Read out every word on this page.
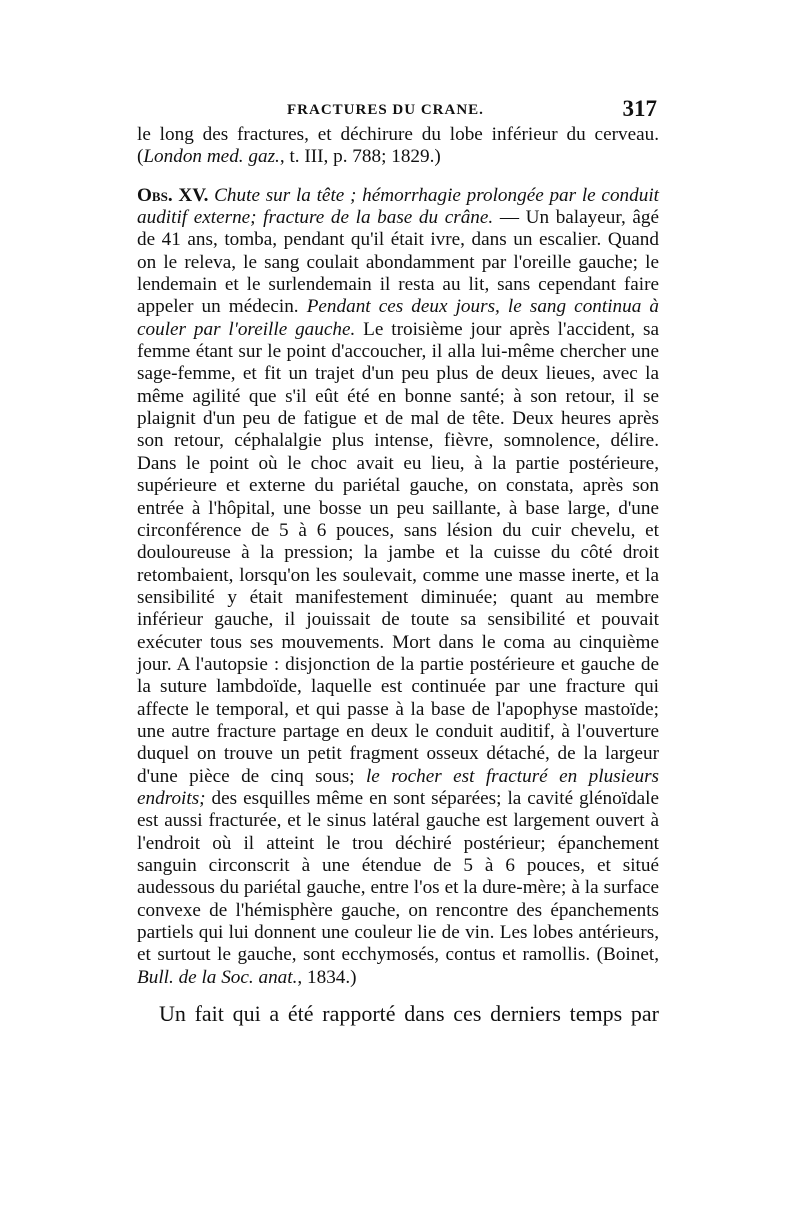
FRACTURES DU CRANE.	317

le long des fractures, et déchirure du lobe inférieur du cerveau. (London med. gaz., t. III, p. 788; 1829.)

Obs. XV. Chute sur la tête ; hémorrhagie prolongée par le conduit auditif externe; fracture de la base du crâne. — Un balayeur, âgé de 41 ans, tomba, pendant qu'il était ivre, dans un escalier. Quand on le releva, le sang coulait abondamment par l'oreille gauche; le lendemain et le surlendemain il resta au lit, sans cependant faire appeler un médecin. Pendant ces deux jours, le sang continua à couler par l'oreille gauche. Le troisième jour après l'accident, sa femme étant sur le point d'accoucher, il alla lui-même chercher une sage-femme, et fit un trajet d'un peu plus de deux lieues, avec la même agilité que s'il eût été en bonne santé; à son retour, il se plaignit d'un peu de fatigue et de mal de tête. Deux heures après son retour, céphalalgie plus intense, fièvre, somnolence, délire. Dans le point où le choc avait eu lieu, à la partie postérieure, supérieure et externe du pariétal gauche, on constata, après son entrée à l'hôpital, une bosse un peu saillante, à base large, d'une circonférence de 5 à 6 pouces, sans lésion du cuir chevelu, et douloureuse à la pression; la jambe et la cuisse du côté droit retombaient, lorsqu'on les soulevait, comme une masse inerte, et la sensibilité y était manifestement diminuée; quant au membre inférieur gauche, il jouissait de toute sa sensibilité et pouvait exécuter tous ses mouvements. Mort dans le coma au cinquième jour. A l'autopsie : disjonction de la partie postérieure et gauche de la suture lambdoïde, laquelle est continuée par une fracture qui affecte le temporal, et qui passe à la base de l'apophyse mastoïde; une autre fracture partage en deux le conduit auditif, à l'ouverture duquel on trouve un petit fragment osseux détaché, de la largeur d'une pièce de cinq sous; le rocher est fracturé en plusieurs endroits; des esquilles même en sont séparées; la cavité glénoïdale est aussi fracturée, et le sinus latéral gauche est largement ouvert à l'endroit où il atteint le trou déchiré postérieur; épanchement sanguin circonscrit à une étendue de 5 à 6 pouces, et situé audessous du pariétal gauche, entre l'os et la dure-mère; à la surface convexe de l'hémisphère gauche, on rencontre des épanchements partiels qui lui donnent une couleur lie de vin. Les lobes antérieurs, et surtout le gauche, sont ecchymosés, contus et ramollis. (Boinet, Bull. de la Soc. anat., 1834.)

Un fait qui a été rapporté dans ces derniers temps par
